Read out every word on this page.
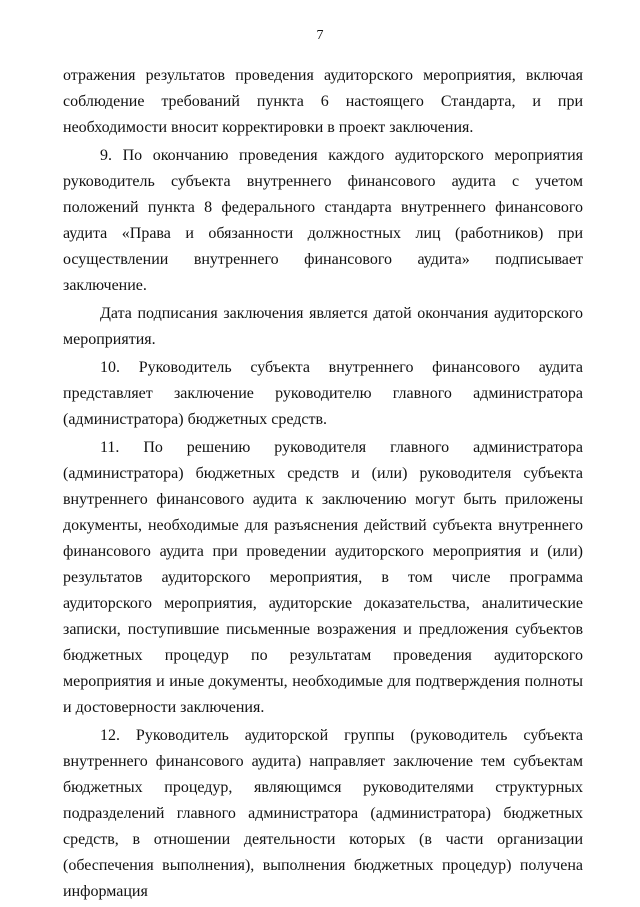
7

отражения результатов проведения аудиторского мероприятия, включая соблюдение требований пункта 6 настоящего Стандарта, и при необходимости вносит корректировки в проект заключения.

9. По окончанию проведения каждого аудиторского мероприятия руководитель субъекта внутреннего финансового аудита с учетом положений пункта 8 федерального стандарта внутреннего финансового аудита «Права и обязанности должностных лиц (работников) при осуществлении внутреннего финансового аудита» подписывает заключение.

Дата подписания заключения является датой окончания аудиторского мероприятия.

10. Руководитель субъекта внутреннего финансового аудита представляет заключение руководителю главного администратора (администратора) бюджетных средств.

11. По решению руководителя главного администратора (администратора) бюджетных средств и (или) руководителя субъекта внутреннего финансового аудита к заключению могут быть приложены документы, необходимые для разъяснения действий субъекта внутреннего финансового аудита при проведении аудиторского мероприятия и (или) результатов аудиторского мероприятия, в том числе программа аудиторского мероприятия, аудиторские доказательства, аналитические записки, поступившие письменные возражения и предложения субъектов бюджетных процедур по результатам проведения аудиторского мероприятия и иные документы, необходимые для подтверждения полноты и достоверности заключения.

12. Руководитель аудиторской группы (руководитель субъекта внутреннего финансового аудита) направляет заключение тем субъектам бюджетных процедур, являющимся руководителями структурных подразделений главного администратора (администратора) бюджетных средств, в отношении деятельности которых (в части организации (обеспечения выполнения), выполнения бюджетных процедур) получена информация
